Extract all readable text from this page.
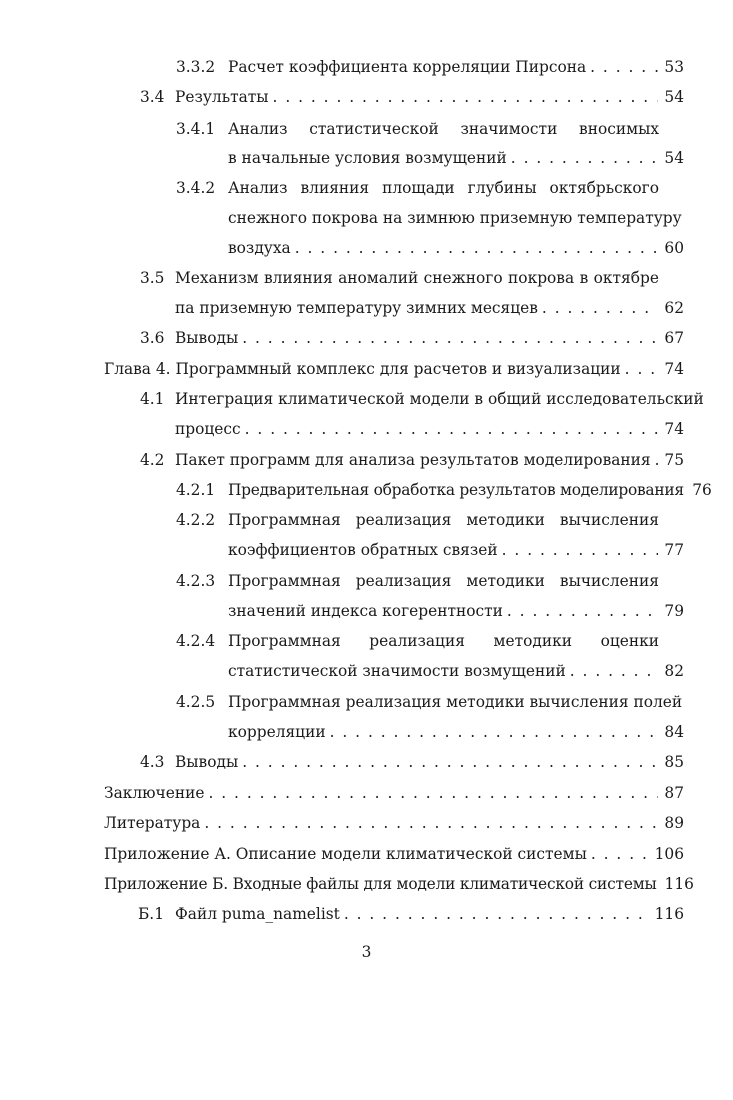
3.3.2 Расчет коэффициента корреляции Пирсона . . .	53
3.4 Результаты . . .	54
3.4.1 Анализ статистической значимости вносимых
в начальные условия возмущений . . .	54
3.4.2 Анализ влияния площади глубины октябрьского
снежного покрова на зимнюю приземную температуру
воздуха . . .	60
3.5 Механизм влияния аномалий снежного покрова в октябре
па приземную температуру зимних месяцев . . .	62
3.6 Выводы . . .	67
Глава 4. Программный комплекс для расчетов и визуализации . . .	74
4.1 Интеграция климатической модели в общий исследовательский
процесс . . .	74
4.2 Пакет программ для анализа результатов моделирования . . . 75
4.2.1 Предварительная обработка результатов моделирования 76
4.2.2 Программная реализация методики вычисления
коэффициентов обратных связей . . .	77
4.2.3 Программная реализация методики вычисления
значений индекса когерентности . . .	79
4.2.4 Программная реализация методики оценки
статистической значимости возмущений . . .	82
4.2.5 Программная реализация методики вычисления полей
корреляции . . .	84
4.3 Выводы . . .	85
Заключение . . .	87
Литература . . .	89
Приложение А. Описание модели климатической системы . . .	106
Приложение Б. Входные файлы для модели климатической системы 116
Б.1 Файл puma_namelist . . .	116
3
